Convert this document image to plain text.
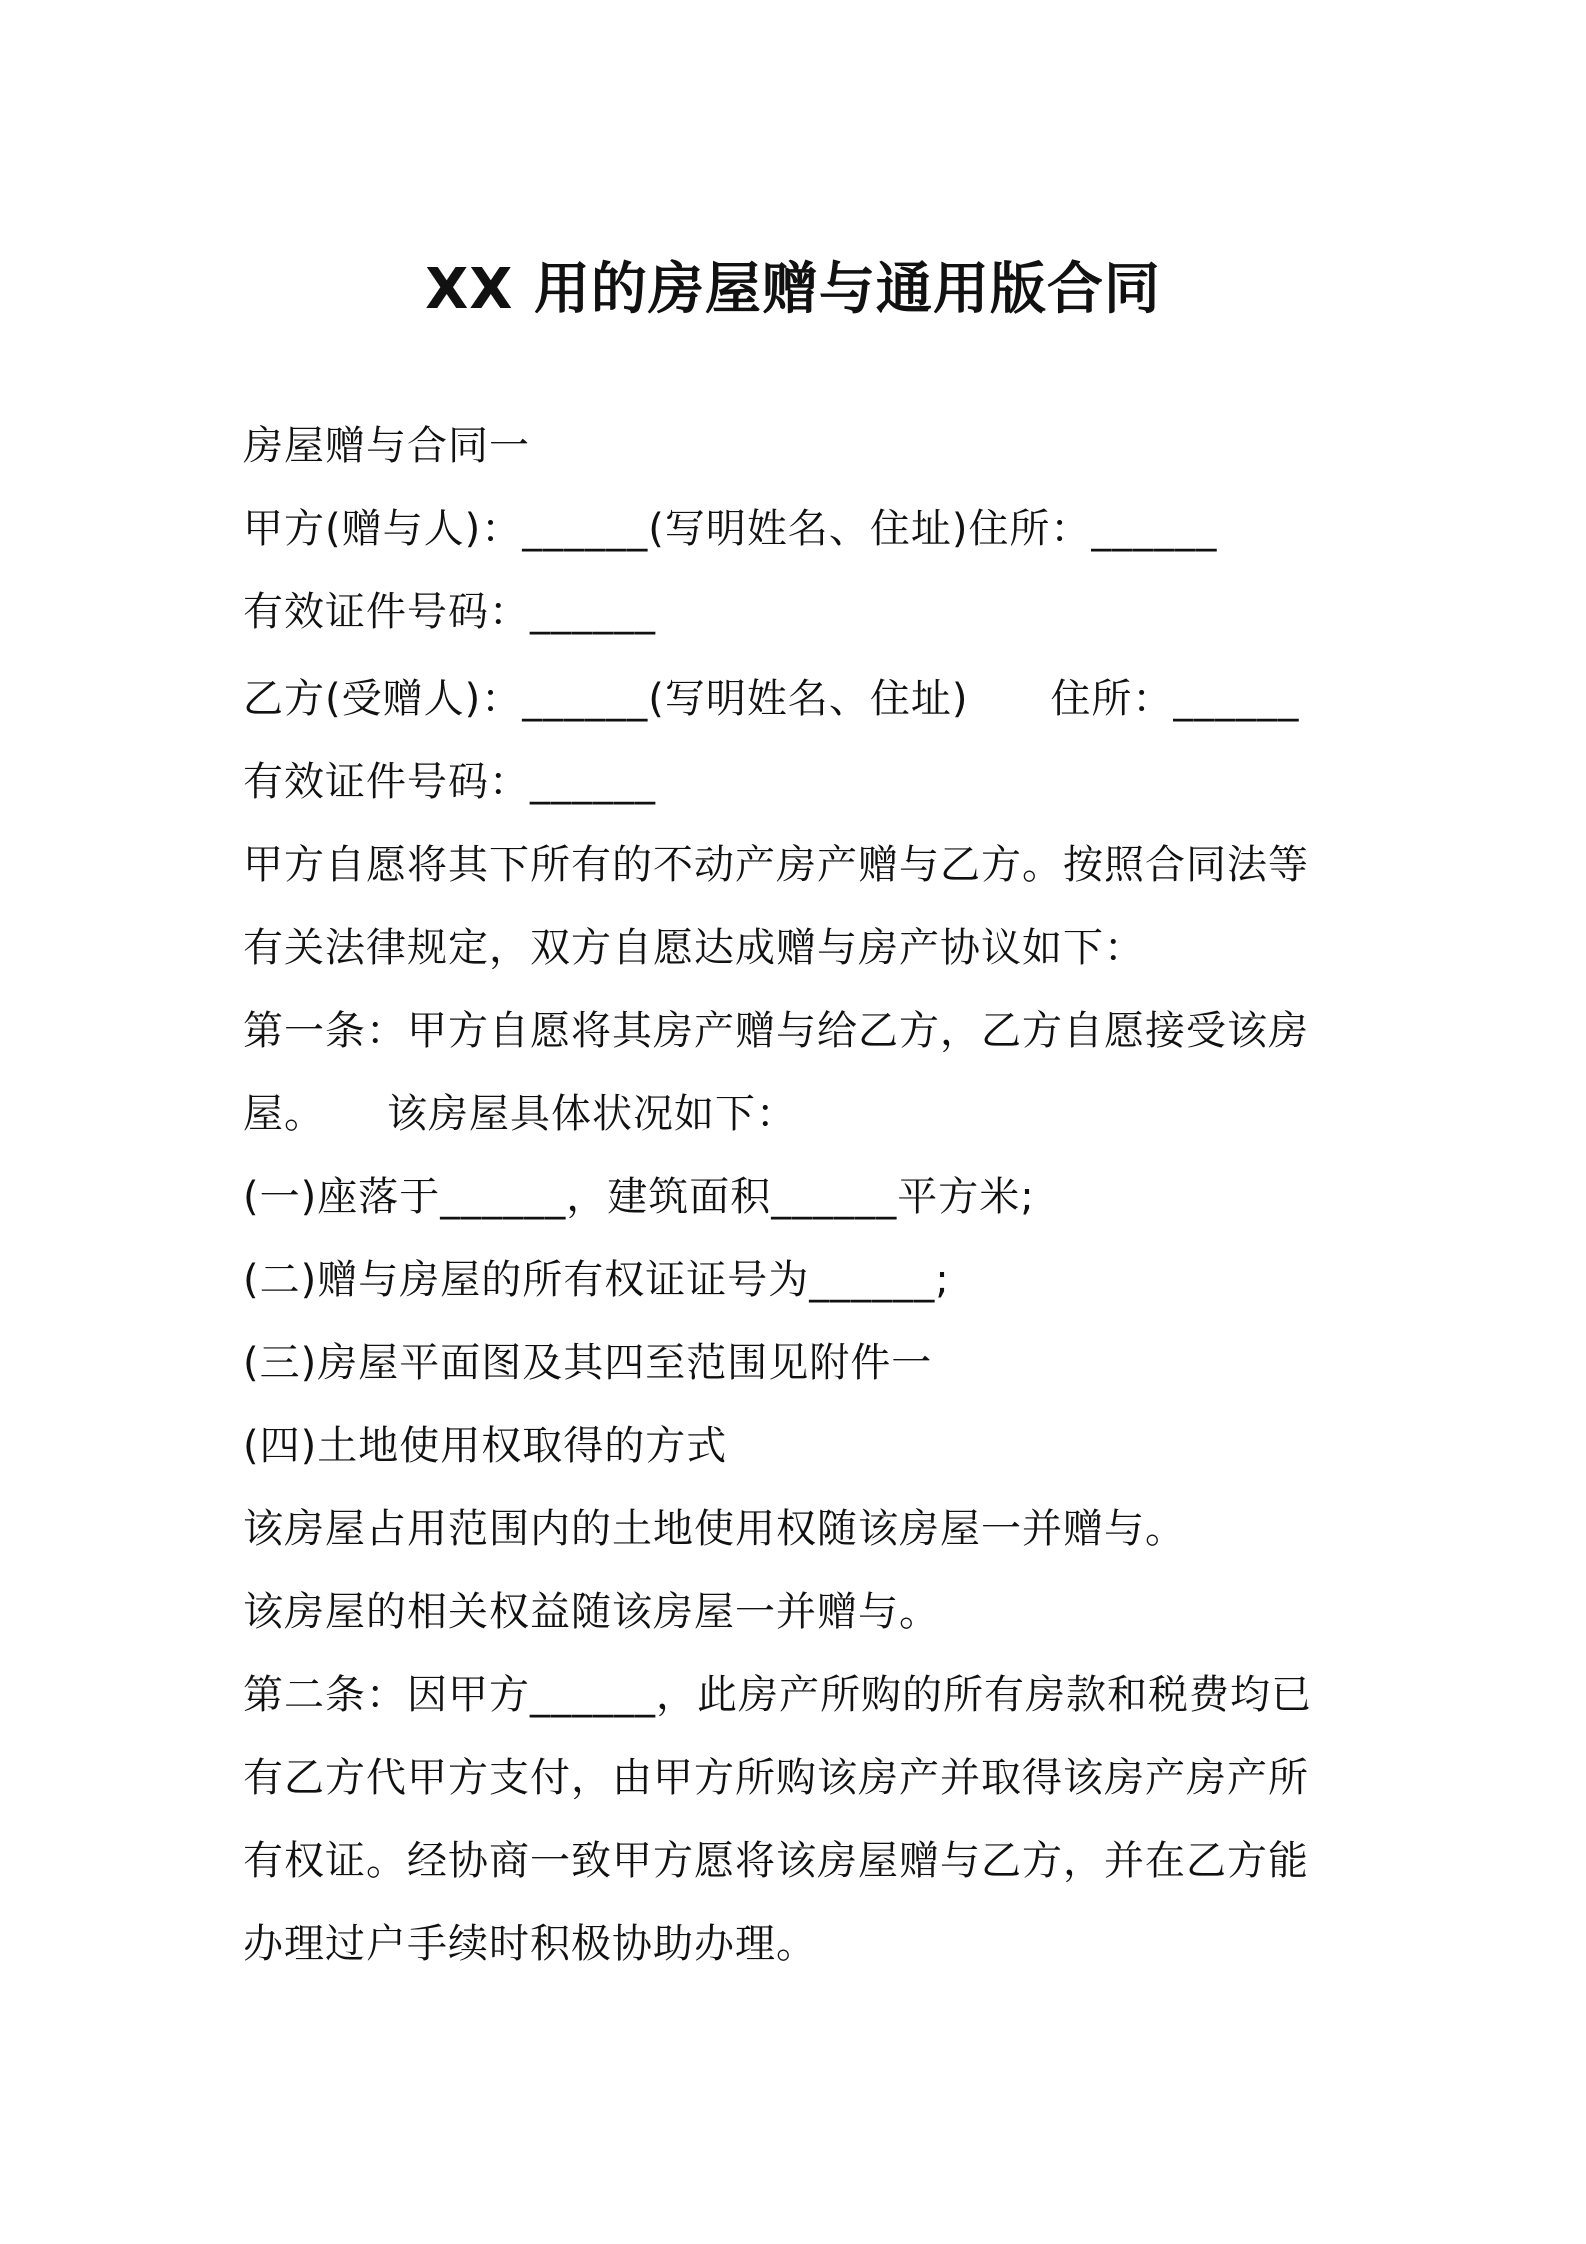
XX 用的房屋赠与通用版合同
房屋赠与合同一
甲方(赠与人)：______(写明姓名、住址)住所：______
有效证件号码：______
乙方(受赠人)：______(写明姓名、住址)　　住所：______
有效证件号码：______
甲方自愿将其下所有的不动产房产赠与乙方。按照合同法等
有关法律规定，双方自愿达成赠与房产协议如下：
第一条：甲方自愿将其房产赠与给乙方，乙方自愿接受该房
屋。　　该房屋具体状况如下：
(一)座落于______，建筑面积______平方米;
(二)赠与房屋的所有权证证号为______;
(三)房屋平面图及其四至范围见附件一
(四)土地使用权取得的方式
该房屋占用范围内的土地使用权随该房屋一并赠与。
该房屋的相关权益随该房屋一并赠与。
第二条：因甲方______，此房产所购的所有房款和税费均已
有乙方代甲方支付，由甲方所购该房产并取得该房产房产所
有权证。经协商一致甲方愿将该房屋赠与乙方，并在乙方能
办理过户手续时积极协助办理。
